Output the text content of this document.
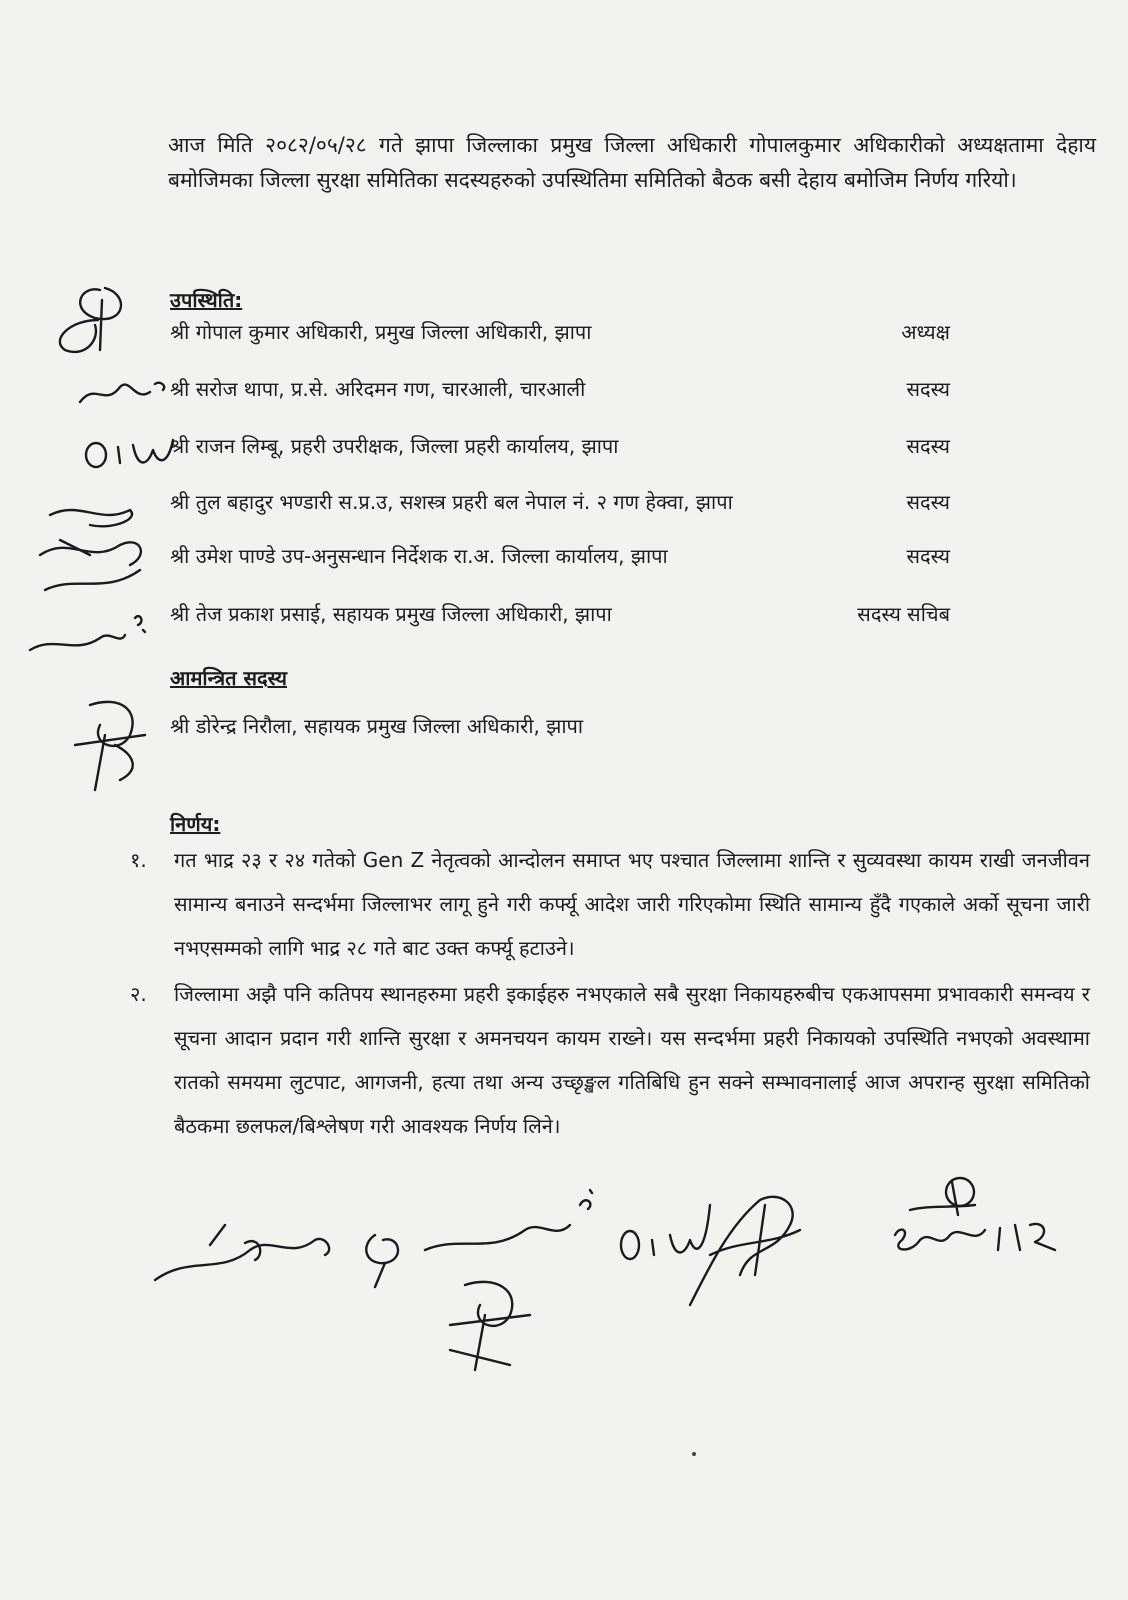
आज मिति २०८२/०५/२८ गते झापा जिल्लाका प्रमुख जिल्ला अधिकारी गोपालकुमार अधिकारीको अध्यक्षतामा देहाय बमोजिमका जिल्ला सुरक्षा समितिका सदस्यहरुको उपस्थितिमा समितिको बैठक बसी देहाय बमोजिम निर्णय गरियो।
उपस्थिति:
श्री गोपाल कुमार अधिकारी, प्रमुख जिल्ला अधिकारी, झापा	अध्यक्ष
श्री सरोज थापा, प्र.से. अरिदमन गण, चारआली, चारआली	सदस्य
श्री राजन लिम्बू, प्रहरी उपरीक्षक, जिल्ला प्रहरी कार्यालय, झापा	सदस्य
श्री तुल बहादुर भण्डारी स.प्र.उ, सशस्त्र प्रहरी बल नेपाल नं. २ गण हेक्वा, झापा	सदस्य
श्री उमेश पाण्डे उप-अनुसन्धान निर्देशक रा.अ. जिल्ला कार्यालय, झापा	सदस्य
श्री तेज प्रकाश प्रसाई, सहायक प्रमुख जिल्ला अधिकारी, झापा	सदस्य सचिब
आमन्त्रित सदस्य
श्री डोरेन्द्र निरौला, सहायक प्रमुख जिल्ला अधिकारी, झापा
निर्णय:
१.	गत भाद्र २३ र २४ गतेको Gen Z नेतृत्वको आन्दोलन समाप्त भए पश्चात जिल्लामा शान्ति र सुव्यवस्था कायम राखी जनजीवन सामान्य बनाउने सन्दर्भमा जिल्लाभर लागू हुने गरी कर्फ्यू आदेश जारी गरिएकोमा स्थिति सामान्य हुँदै गएकाले अर्को सूचना जारी नभएसम्मको लागि भाद्र २८ गते बाट उक्त कर्फ्यू हटाउने।
२.	जिल्लामा अझै पनि कतिपय स्थानहरुमा प्रहरी इकाईहरु नभएकाले सबै सुरक्षा निकायहरुबीच एकआपसमा प्रभावकारी समन्वय र सूचना आदान प्रदान गरी शान्ति सुरक्षा र अमनचयन कायम राख्ने। यस सन्दर्भमा प्रहरी निकायको उपस्थिति नभएको अवस्थामा रातको समयमा लुटपाट, आगजनी, हत्या तथा अन्य उच्छृङ्खल गतिबिधि हुन सक्ने सम्भावनालाई आज अपरान्ह सुरक्षा समितिको बैठकमा छलफल/बिश्लेषण गरी आवश्यक निर्णय लिने।
